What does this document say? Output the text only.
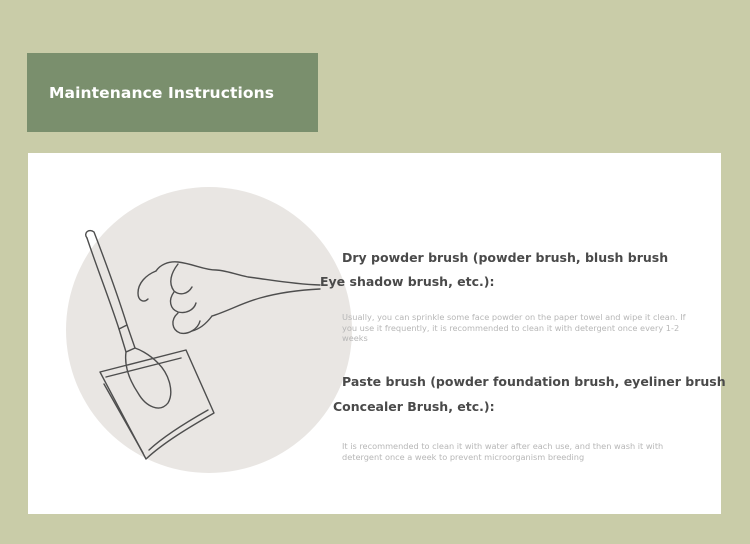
Maintenance Instructions
Dry powder brush (powder brush, blush brush
Eye shadow brush, etc.):
Usually, you can sprinkle some face powder on the paper towel and wipe it clean. If you use it frequently, it is recommended to clean it with detergent once every 1-2 weeks
Paste brush (powder foundation brush, eyeliner brush
Concealer Brush, etc.):
It is recommended to clean it with water after each use, and then wash it with detergent once a week to prevent microorganism breeding
